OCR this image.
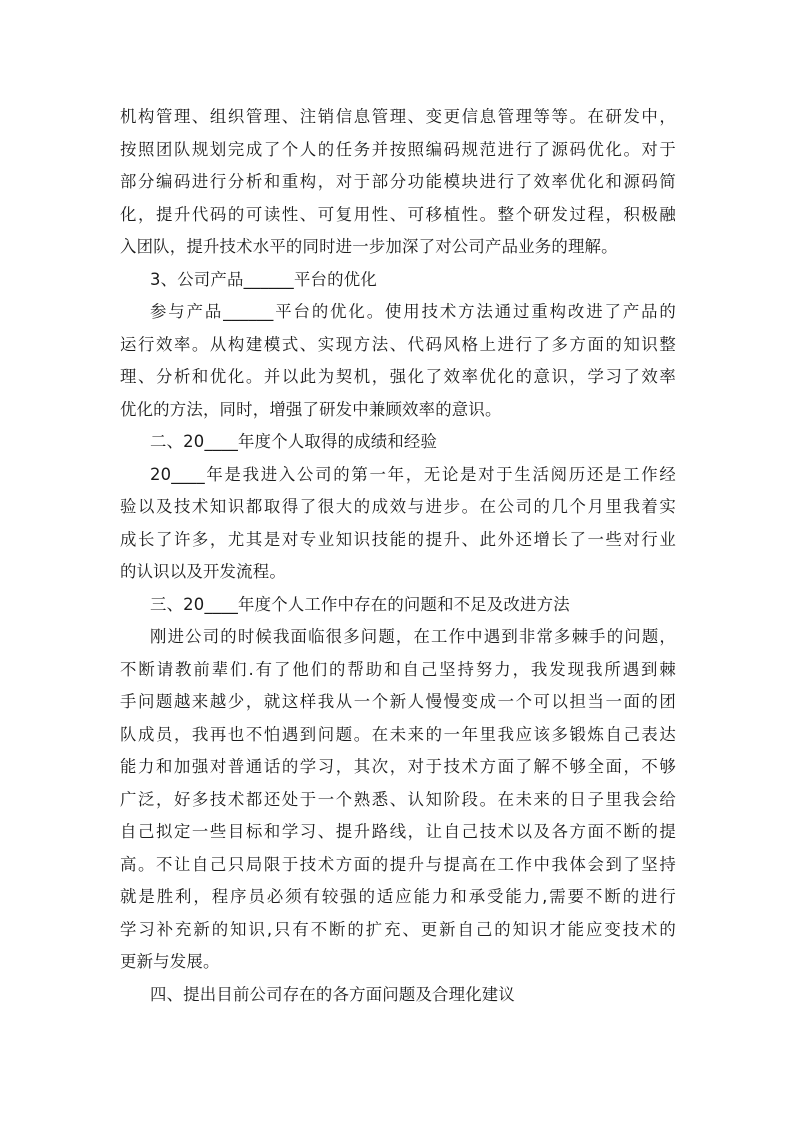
机构管理、组织管理、注销信息管理、变更信息管理等等。在研发中，
按照团队规划完成了个人的任务并按照编码规范进行了源码优化。对于
部分编码进行分析和重构，对于部分功能模块进行了效率优化和源码简
化，提升代码的可读性、可复用性、可移植性。整个研发过程，积极融
入团队，提升技术水平的同时进一步加深了对公司产品业务的理解。
3、公司产品______平台的优化
参与产品______平台的优化。使用技术方法通过重构改进了产品的
运行效率。从构建模式、实现方法、代码风格上进行了多方面的知识整
理、分析和优化。并以此为契机，强化了效率优化的意识，学习了效率
优化的方法，同时，增强了研发中兼顾效率的意识。
二、20____年度个人取得的成绩和经验
20____年是我进入公司的第一年，无论是对于生活阅历还是工作经
验以及技术知识都取得了很大的成效与进步。在公司的几个月里我着实
成长了许多，尤其是对专业知识技能的提升、此外还增长了一些对行业
的认识以及开发流程。
三、20____年度个人工作中存在的问题和不足及改进方法
刚进公司的时候我面临很多问题，在工作中遇到非常多棘手的问题，
不断请教前辈们.有了他们的帮助和自己坚持努力，我发现我所遇到棘
手问题越来越少，就这样我从一个新人慢慢变成一个可以担当一面的团
队成员，我再也不怕遇到问题。在未来的一年里我应该多锻炼自己表达
能力和加强对普通话的学习，其次，对于技术方面了解不够全面，不够
广泛，好多技术都还处于一个熟悉、认知阶段。在未来的日子里我会给
自己拟定一些目标和学习、提升路线，让自己技术以及各方面不断的提
高。不让自己只局限于技术方面的提升与提高在工作中我体会到了坚持
就是胜利，程序员必须有较强的适应能力和承受能力,需要不断的进行
学习补充新的知识,只有不断的扩充、更新自己的知识才能应变技术的
更新与发展。
四、提出目前公司存在的各方面问题及合理化建议
